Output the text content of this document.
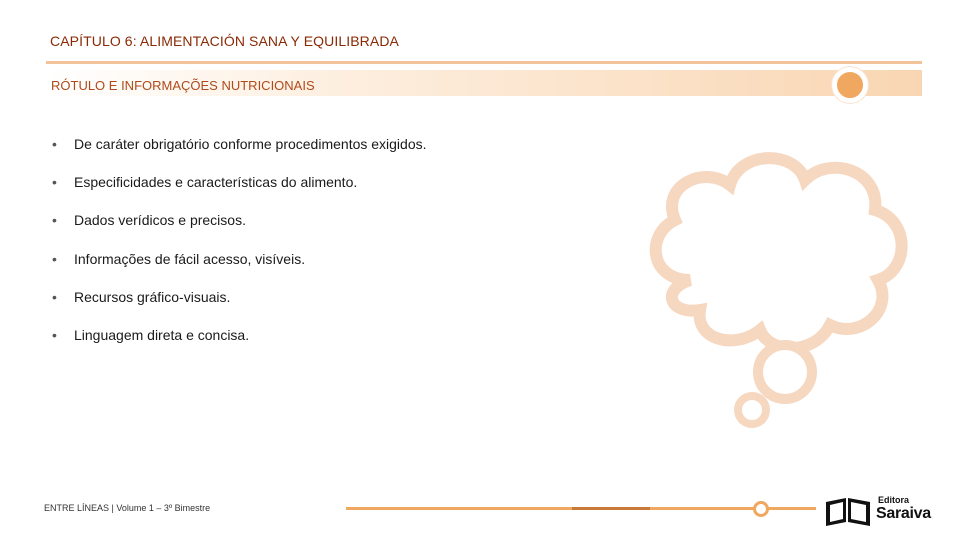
CAPÍTULO 6: ALIMENTACIÓN SANA Y EQUILIBRADA
RÓTULO E INFORMAÇÕES NUTRICIONAIS
• De caráter obrigatório conforme procedimentos exigidos.
• Especificidades e características do alimento.
• Dados verídicos e precisos.
• Informações de fácil acesso, visíveis.
• Recursos gráfico-visuais.
• Linguagem direta e concisa.
ENTRE LÍNEAS | Volume 1 – 3º Bimestre
Editora
Saraiva
